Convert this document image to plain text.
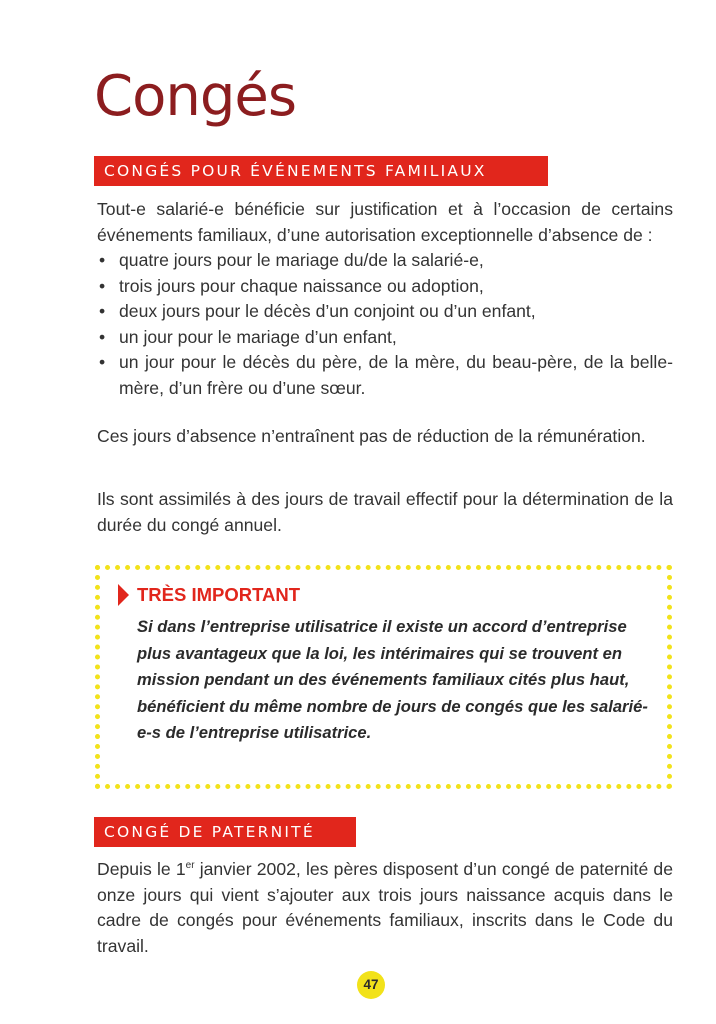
Congés
CONGÉS POUR ÉVÉNEMENTS FAMILIAUX

Tout-e salarié-e bénéficie sur justification et à l’occasion de certains événements familiaux, d’une autorisation exceptionnelle d’absence de :

• quatre jours pour le mariage du/de la salarié-e,
• trois jours pour chaque naissance ou adoption,
• deux jours pour le décès d’un conjoint ou d’un enfant,
• un jour pour le mariage d’un enfant,
• un jour pour le décès du père, de la mère, du beau-père, de la belle-mère, d’un frère ou d’une sœur.

Ces jours d’absence n’entraînent pas de réduction de la rémunération.

Ils sont assimilés à des jours de travail effectif pour la détermination de la durée du congé annuel.

TRÈS IMPORTANT

Si dans l’entreprise utilisatrice il existe un accord d’entreprise plus avantageux que la loi, les intérimaires qui se trouvent en mission pendant un des événements familiaux cités plus haut, bénéficient du même nombre de jours de congés que les salarié-e-s de l’entreprise utilisatrice.

CONGÉ DE PATERNITÉ

Depuis le 1er janvier 2002, les pères disposent d’un congé de paternité de onze jours qui vient s’ajouter aux trois jours naissance acquis dans le cadre de congés pour événements familiaux, inscrits dans le Code du travail.

47
